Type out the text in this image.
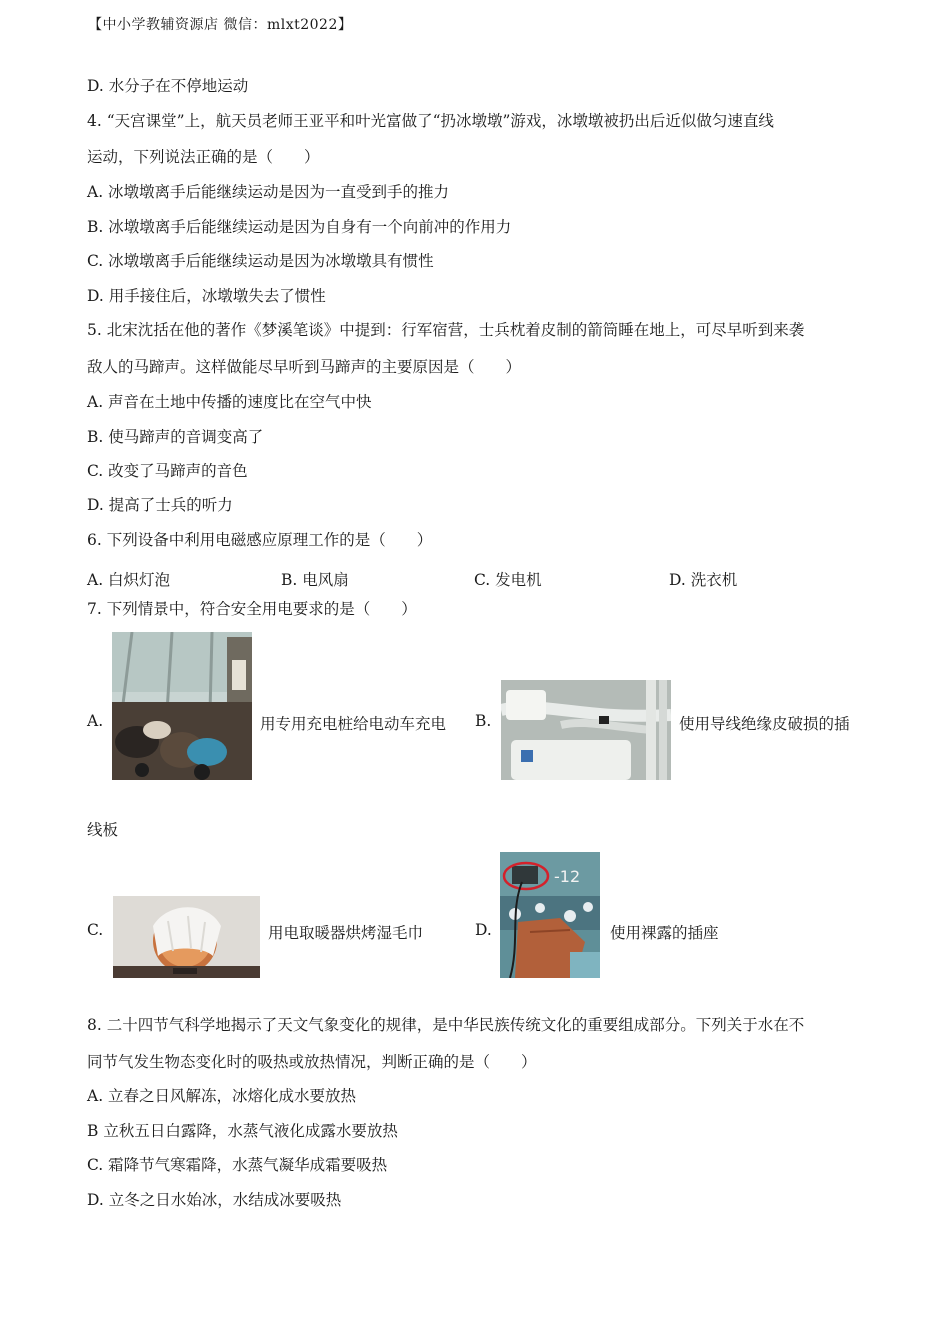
【中小学教辅资源店 微信：mlxt2022】
D. 水分子在不停地运动
4. “天宫课堂”上，航天员老师王亚平和叶光富做了“扔冰墩墩”游戏，冰墩墩被扔出后近似做匀速直线
运动，下列说法正确的是（　　）
A. 冰墩墩离手后能继续运动是因为一直受到手的推力
B. 冰墩墩离手后能继续运动是因为自身有一个向前冲的作用力
C. 冰墩墩离手后能继续运动是因为冰墩墩具有惯性
D. 用手接住后，冰墩墩失去了惯性
5. 北宋沈括在他的著作《梦溪笔谈》中提到：行军宿营，士兵枕着皮制的箭筒睡在地上，可尽早听到来袭
敌人的马蹄声。这样做能尽早听到马蹄声的主要原因是（　　）
A. 声音在土地中传播的速度比在空气中快
B. 使马蹄声的音调变高了
C. 改变了马蹄声的音色
D. 提高了士兵的听力
6. 下列设备中利用电磁感应原理工作的是（　　）
A. 白炽灯泡	B. 电风扇	C. 发电机	D. 洗衣机
7. 下列情景中，符合安全用电要求的是（　　）
A.	用专用充电桩给电动车充电 B.	使用导线绝缘皮破损的插
线板
C.	用电取暖器烘烤湿毛巾	D.
-12
使用裸露的插座
8. 二十四节气科学地揭示了天文气象变化的规律，是中华民族传统文化的重要组成部分。下列关于水在不
同节气发生物态变化时的吸热或放热情况，判断正确的是（　　）
A. 立春之日风解冻，冰熔化成水要放热
B 立秋五日白露降，水蒸气液化成露水要放热
C. 霜降节气寒霜降，水蒸气凝华成霜要吸热
D. 立冬之日水始冰，水结成冰要吸热
